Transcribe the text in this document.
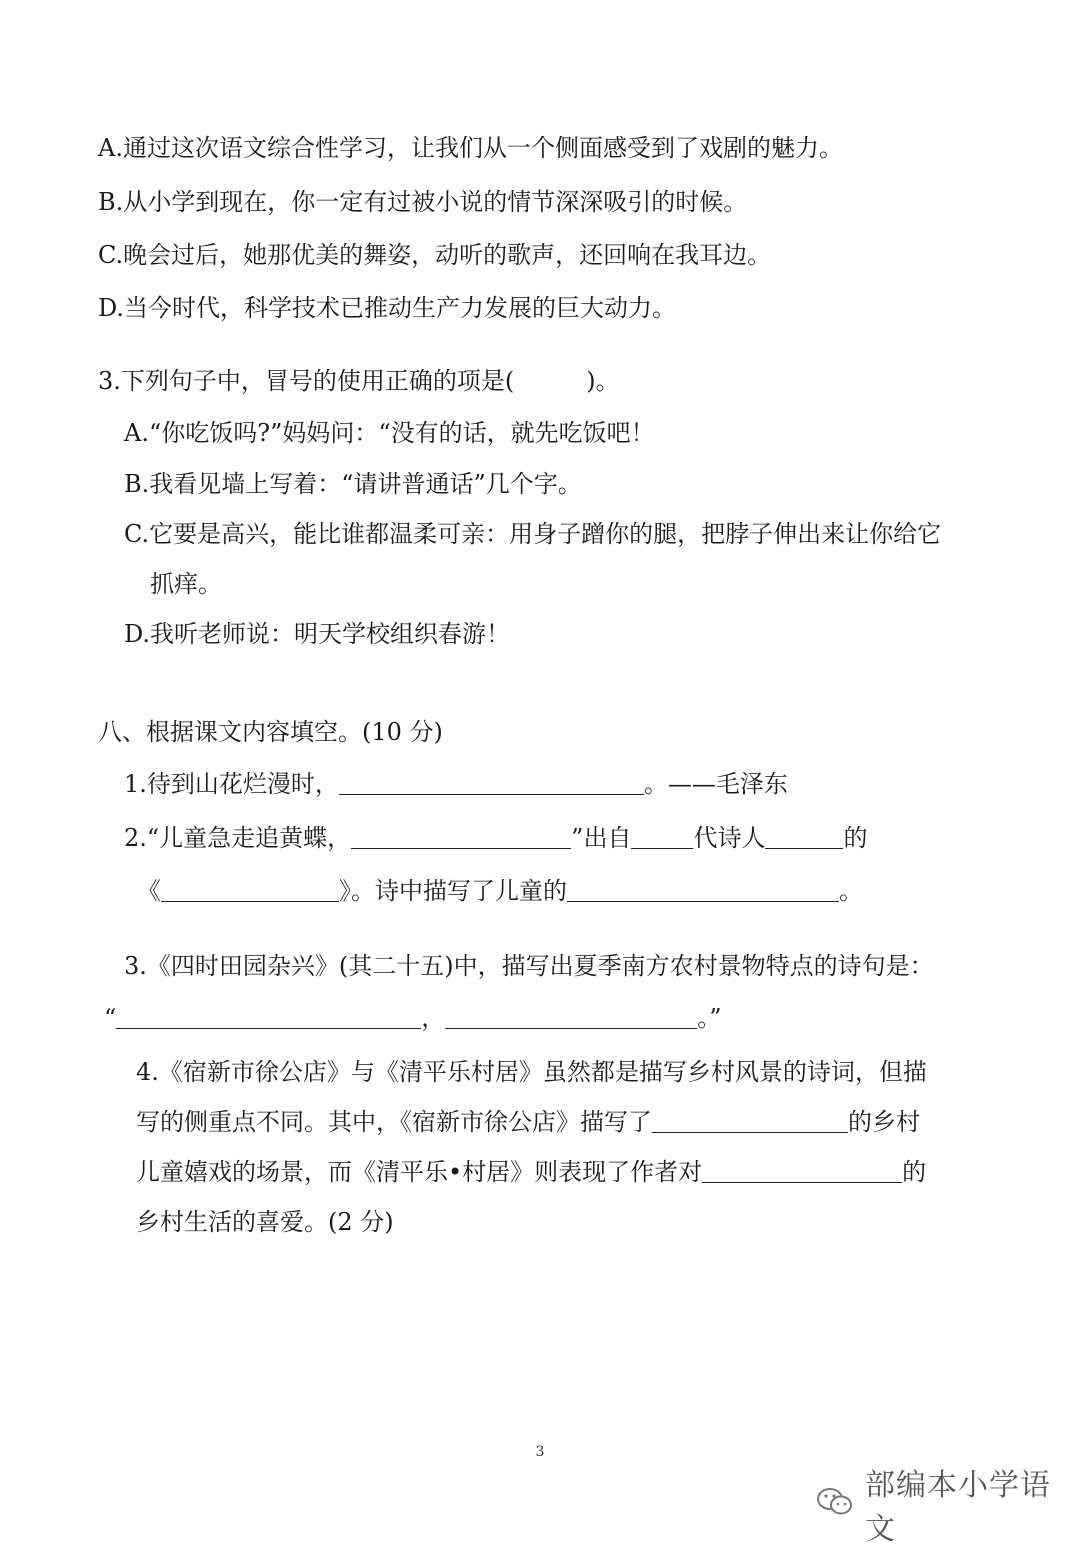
A.通过这次语文综合性学习，让我们从一个侧面感受到了戏剧的魅力。
B.从小学到现在，你一定有过被小说的情节深深吸引的时候。
C.晚会过后，她那优美的舞姿，动听的歌声，还回响在我耳边。
D.当今时代，科学技术已推动生产力发展的巨大动力。
3.下列句子中，冒号的使用正确的项是(　　　)。
A.“你吃饭吗?”妈妈问：“没有的话，就先吃饭吧！
B.我看见墙上写着：“请讲普通话”几个字。
C.它要是高兴，能比谁都温柔可亲：用身子蹭你的腿，把脖子伸出来让你给它
抓痒。
D.我听老师说：明天学校组织春游！
八、根据课文内容填空。(10 分)
1.待到山花烂漫时，	。——毛泽东
2.“儿童急走追黄蝶，	”出自	代诗人	的
《	》。诗中描写了儿童的	。
3.《四时田园杂兴》(其二十五)中，描写出夏季南方农村景物特点的诗句是：
“	，	。”
4.《宿新市徐公店》与《清平乐村居》虽然都是描写乡村风景的诗词，但描
写的侧重点不同。其中，《宿新市徐公店》描写了	的乡村
儿童嬉戏的场景，而《清平乐•村居》则表现了作者对	的
乡村生活的喜爱。(2 分)
3
部编本小学语文
